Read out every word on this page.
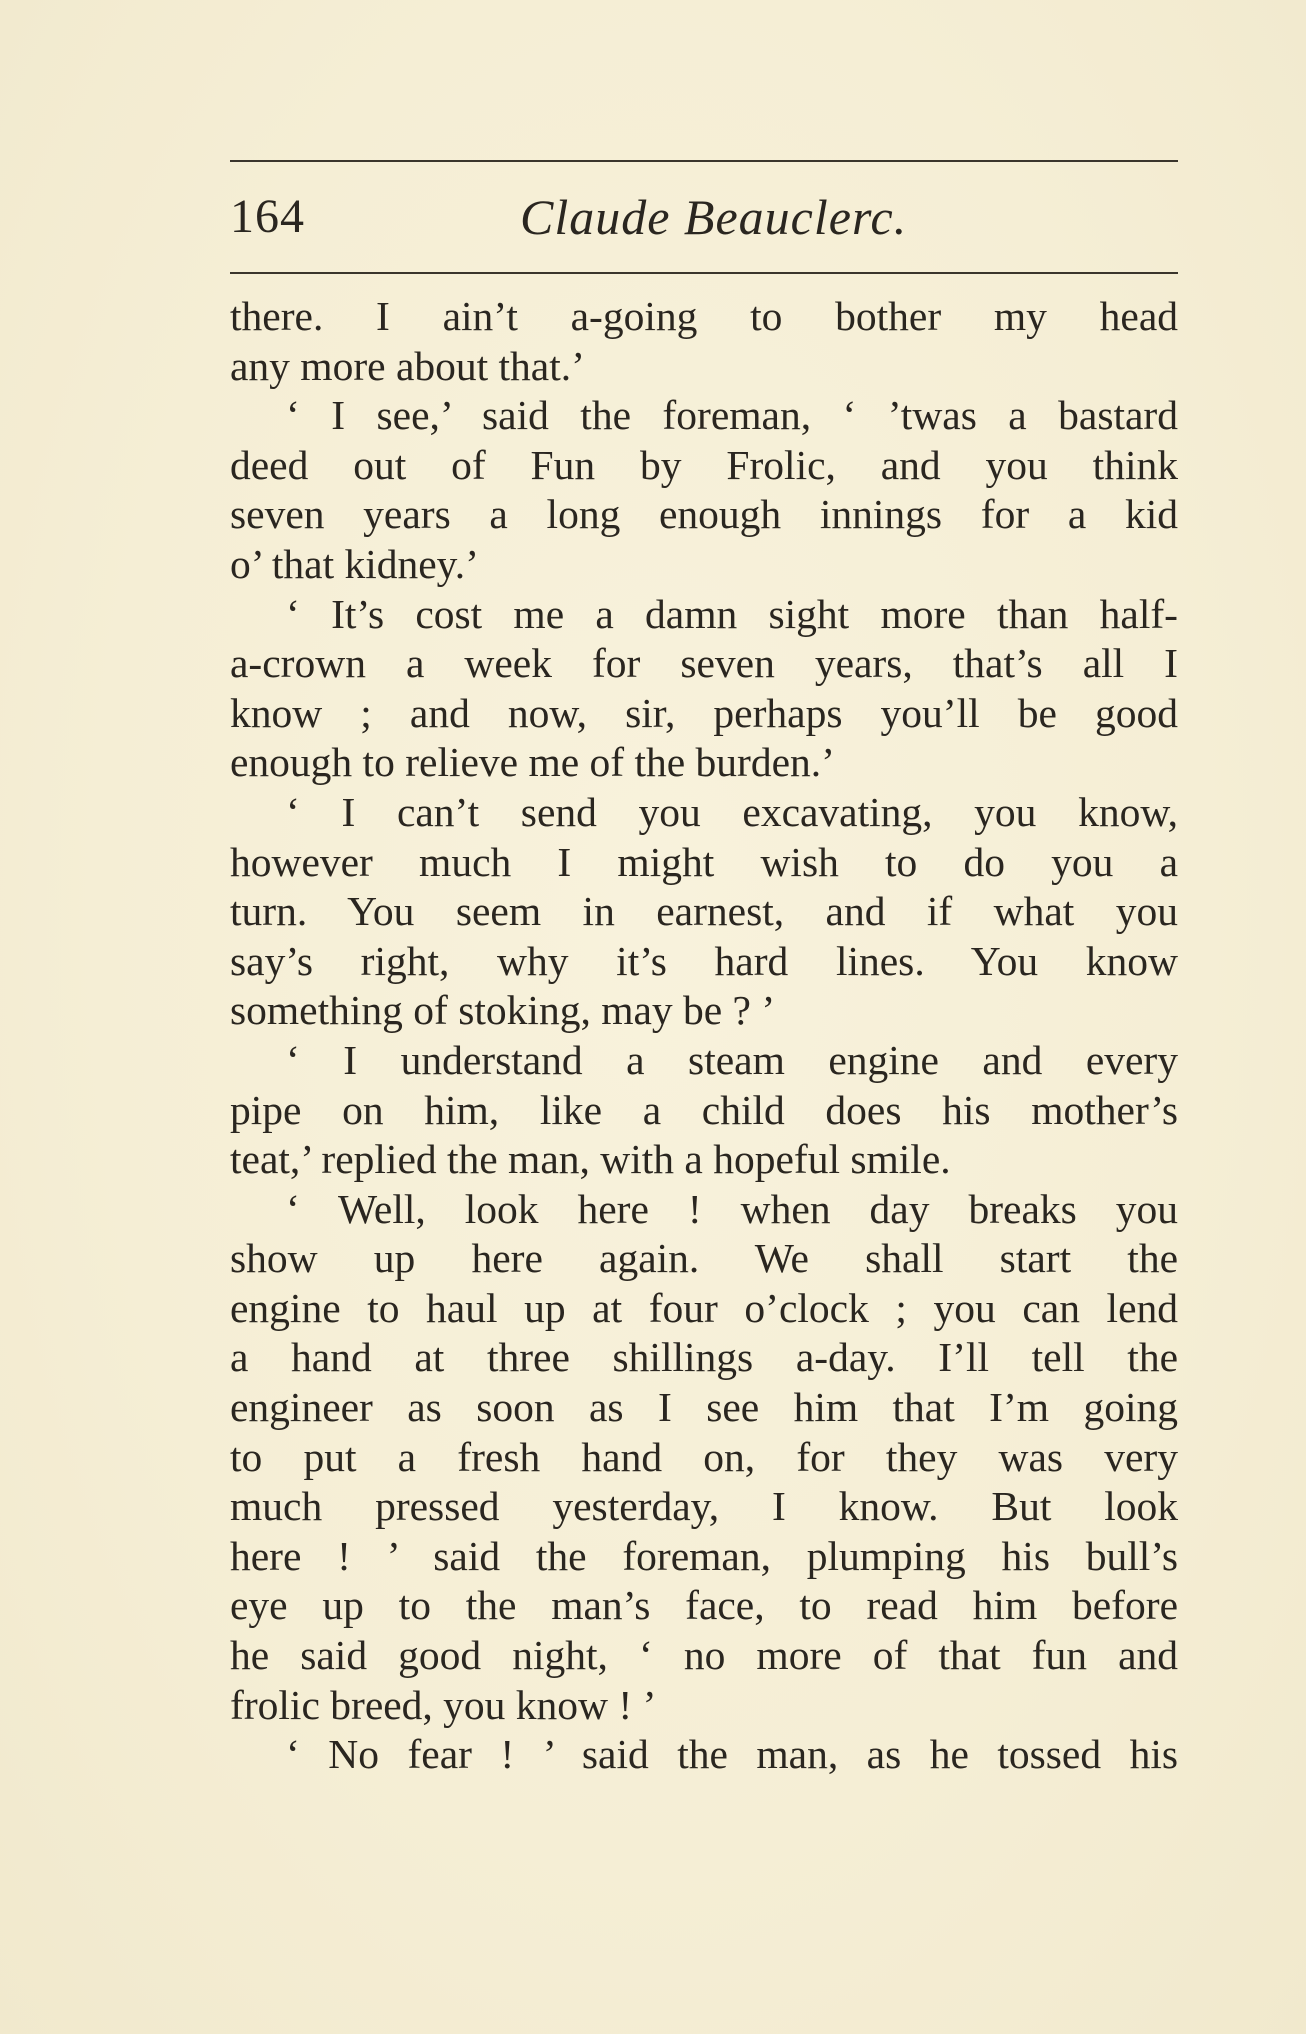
164	Claude Beauclerc.
there. I ain’t a-going to bother my head
any more about that.’
‘ I see,’ said the foreman, ‘ ’twas a bastard
deed out of Fun by Frolic, and you think
seven years a long enough innings for a kid
o’ that kidney.’
‘ It’s cost me a damn sight more than half-
a-crown a week for seven years, that’s all I
know ; and now, sir, perhaps you’ll be good
enough to relieve me of the burden.’
‘ I can’t send you excavating, you know,
however much I might wish to do you a
turn. You seem in earnest, and if what you
say’s right, why it’s hard lines. You know
something of stoking, may be ? ’
‘ I understand a steam engine and every
pipe on him, like a child does his mother’s
teat,’ replied the man, with a hopeful smile.
‘ Well, look here ! when day breaks you
show up here again. We shall start the
engine to haul up at four o’clock ; you can lend
a hand at three shillings a-day. I’ll tell the
engineer as soon as I see him that I’m going
to put a fresh hand on, for they was very
much pressed yesterday, I know. But look
here ! ’ said the foreman, plumping his bull’s
eye up to the man’s face, to read him before
he said good night, ‘ no more of that fun and
frolic breed, you know ! ’
‘ No fear ! ’ said the man, as he tossed his
